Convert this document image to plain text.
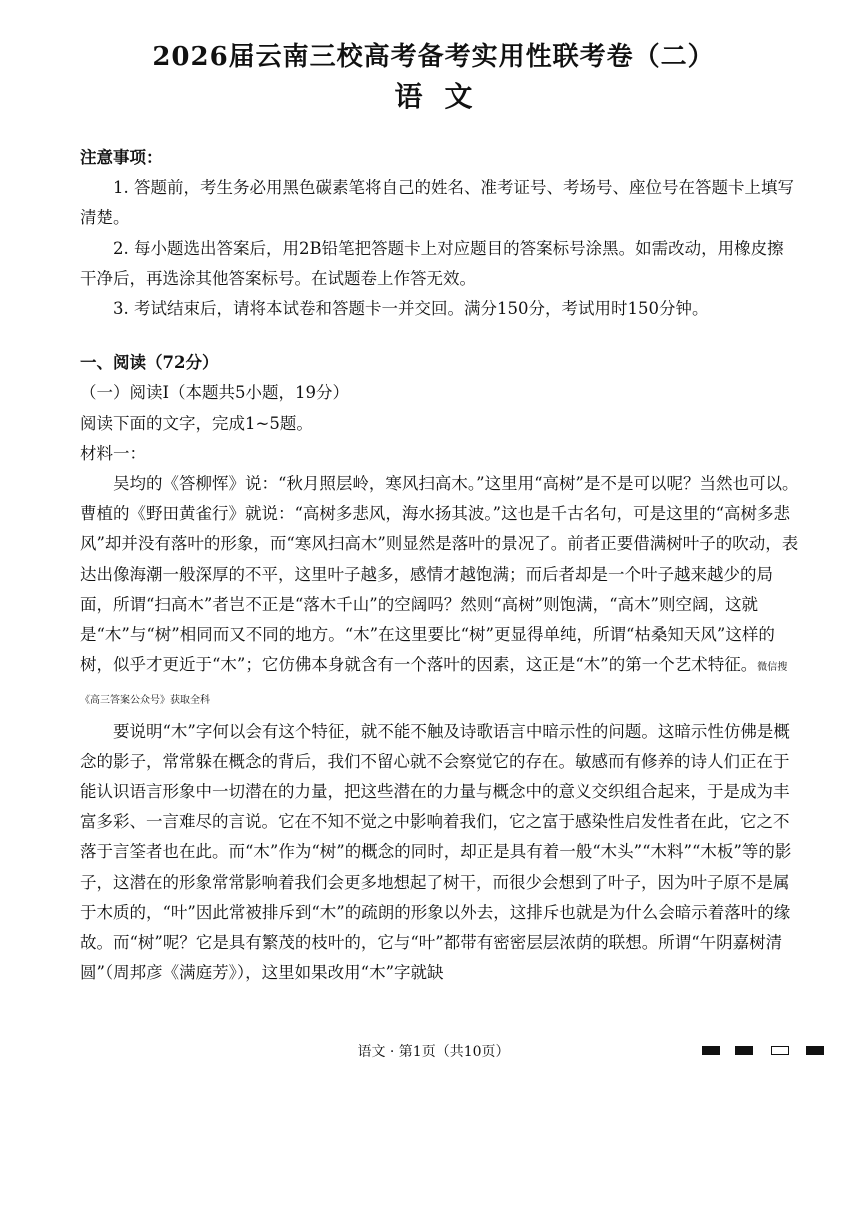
2026届云南三校高考备考实用性联考卷（二）
语文

注意事项：

1. 答题前，考生务必用黑色碳素笔将自己的姓名、准考证号、考场号、座位号在答题卡上填写清楚。

2. 每小题选出答案后，用2B铅笔把答题卡上对应题目的答案标号涂黑。如需改动，用橡皮擦干净后，再选涂其他答案标号。在试题卷上作答无效。

3. 考试结束后，请将本试卷和答题卡一并交回。满分150分，考试用时150分钟。

一、阅读（72分）

（一）阅读Ⅰ（本题共5小题，19分）

阅读下面的文字，完成1~5题。

材料一：

吴均的《答柳恽》说：“秋月照层岭，寒风扫高木。”这里用“高树”是不是可以呢？当然也可以。曹植的《野田黄雀行》就说：“高树多悲风，海水扬其波。”这也是千古名句，可是这里的“高树多悲风”却并没有落叶的形象，而“寒风扫高木”则显然是落叶的景况了。前者正要借满树叶子的吹动，表达出像海潮一般深厚的不平，这里叶子越多，感情才越饱满；而后者却是一个叶子越来越少的局面，所谓“扫高木”者岂不正是“落木千山”的空阔吗？然则“高树”则饱满，“高木”则空阔，这就是“木”与“树”相同而又不同的地方。“木”在这里要比“树”更显得单纯，所谓“枯桑知天风”这样的树，似乎才更近于“木”；它仿佛本身就含有一个落叶的因素，这正是“木”的第一个艺术特征。微信搜《高三答案公众号》获取全科

要说明“木”字何以会有这个特征，就不能不触及诗歌语言中暗示性的问题。这暗示性仿佛是概念的影子，常常躲在概念的背后，我们不留心就不会察觉它的存在。敏感而有修养的诗人们正在于能认识语言形象中一切潜在的力量，把这些潜在的力量与概念中的意义交织组合起来，于是成为丰富多彩、一言难尽的言说。它在不知不觉之中影响着我们，它之富于感染性启发性者在此，它之不落于言筌者也在此。而“木”作为“树”的概念的同时，却正是具有着一般“木头”“木料”“木板”等的影子，这潜在的形象常常影响着我们会更多地想起了树干，而很少会想到了叶子，因为叶子原不是属于木质的，“叶”因此常被排斥到“木”的疏朗的形象以外去，这排斥也就是为什么会暗示着落叶的缘故。而“树”呢？它是具有繁茂的枝叶的，它与“叶”都带有密密层层浓荫的联想。所谓“午阴嘉树清圆”（周邦彦《满庭芳》），这里如果改用“木”字就缺

语文 · 第1页（共10页）
